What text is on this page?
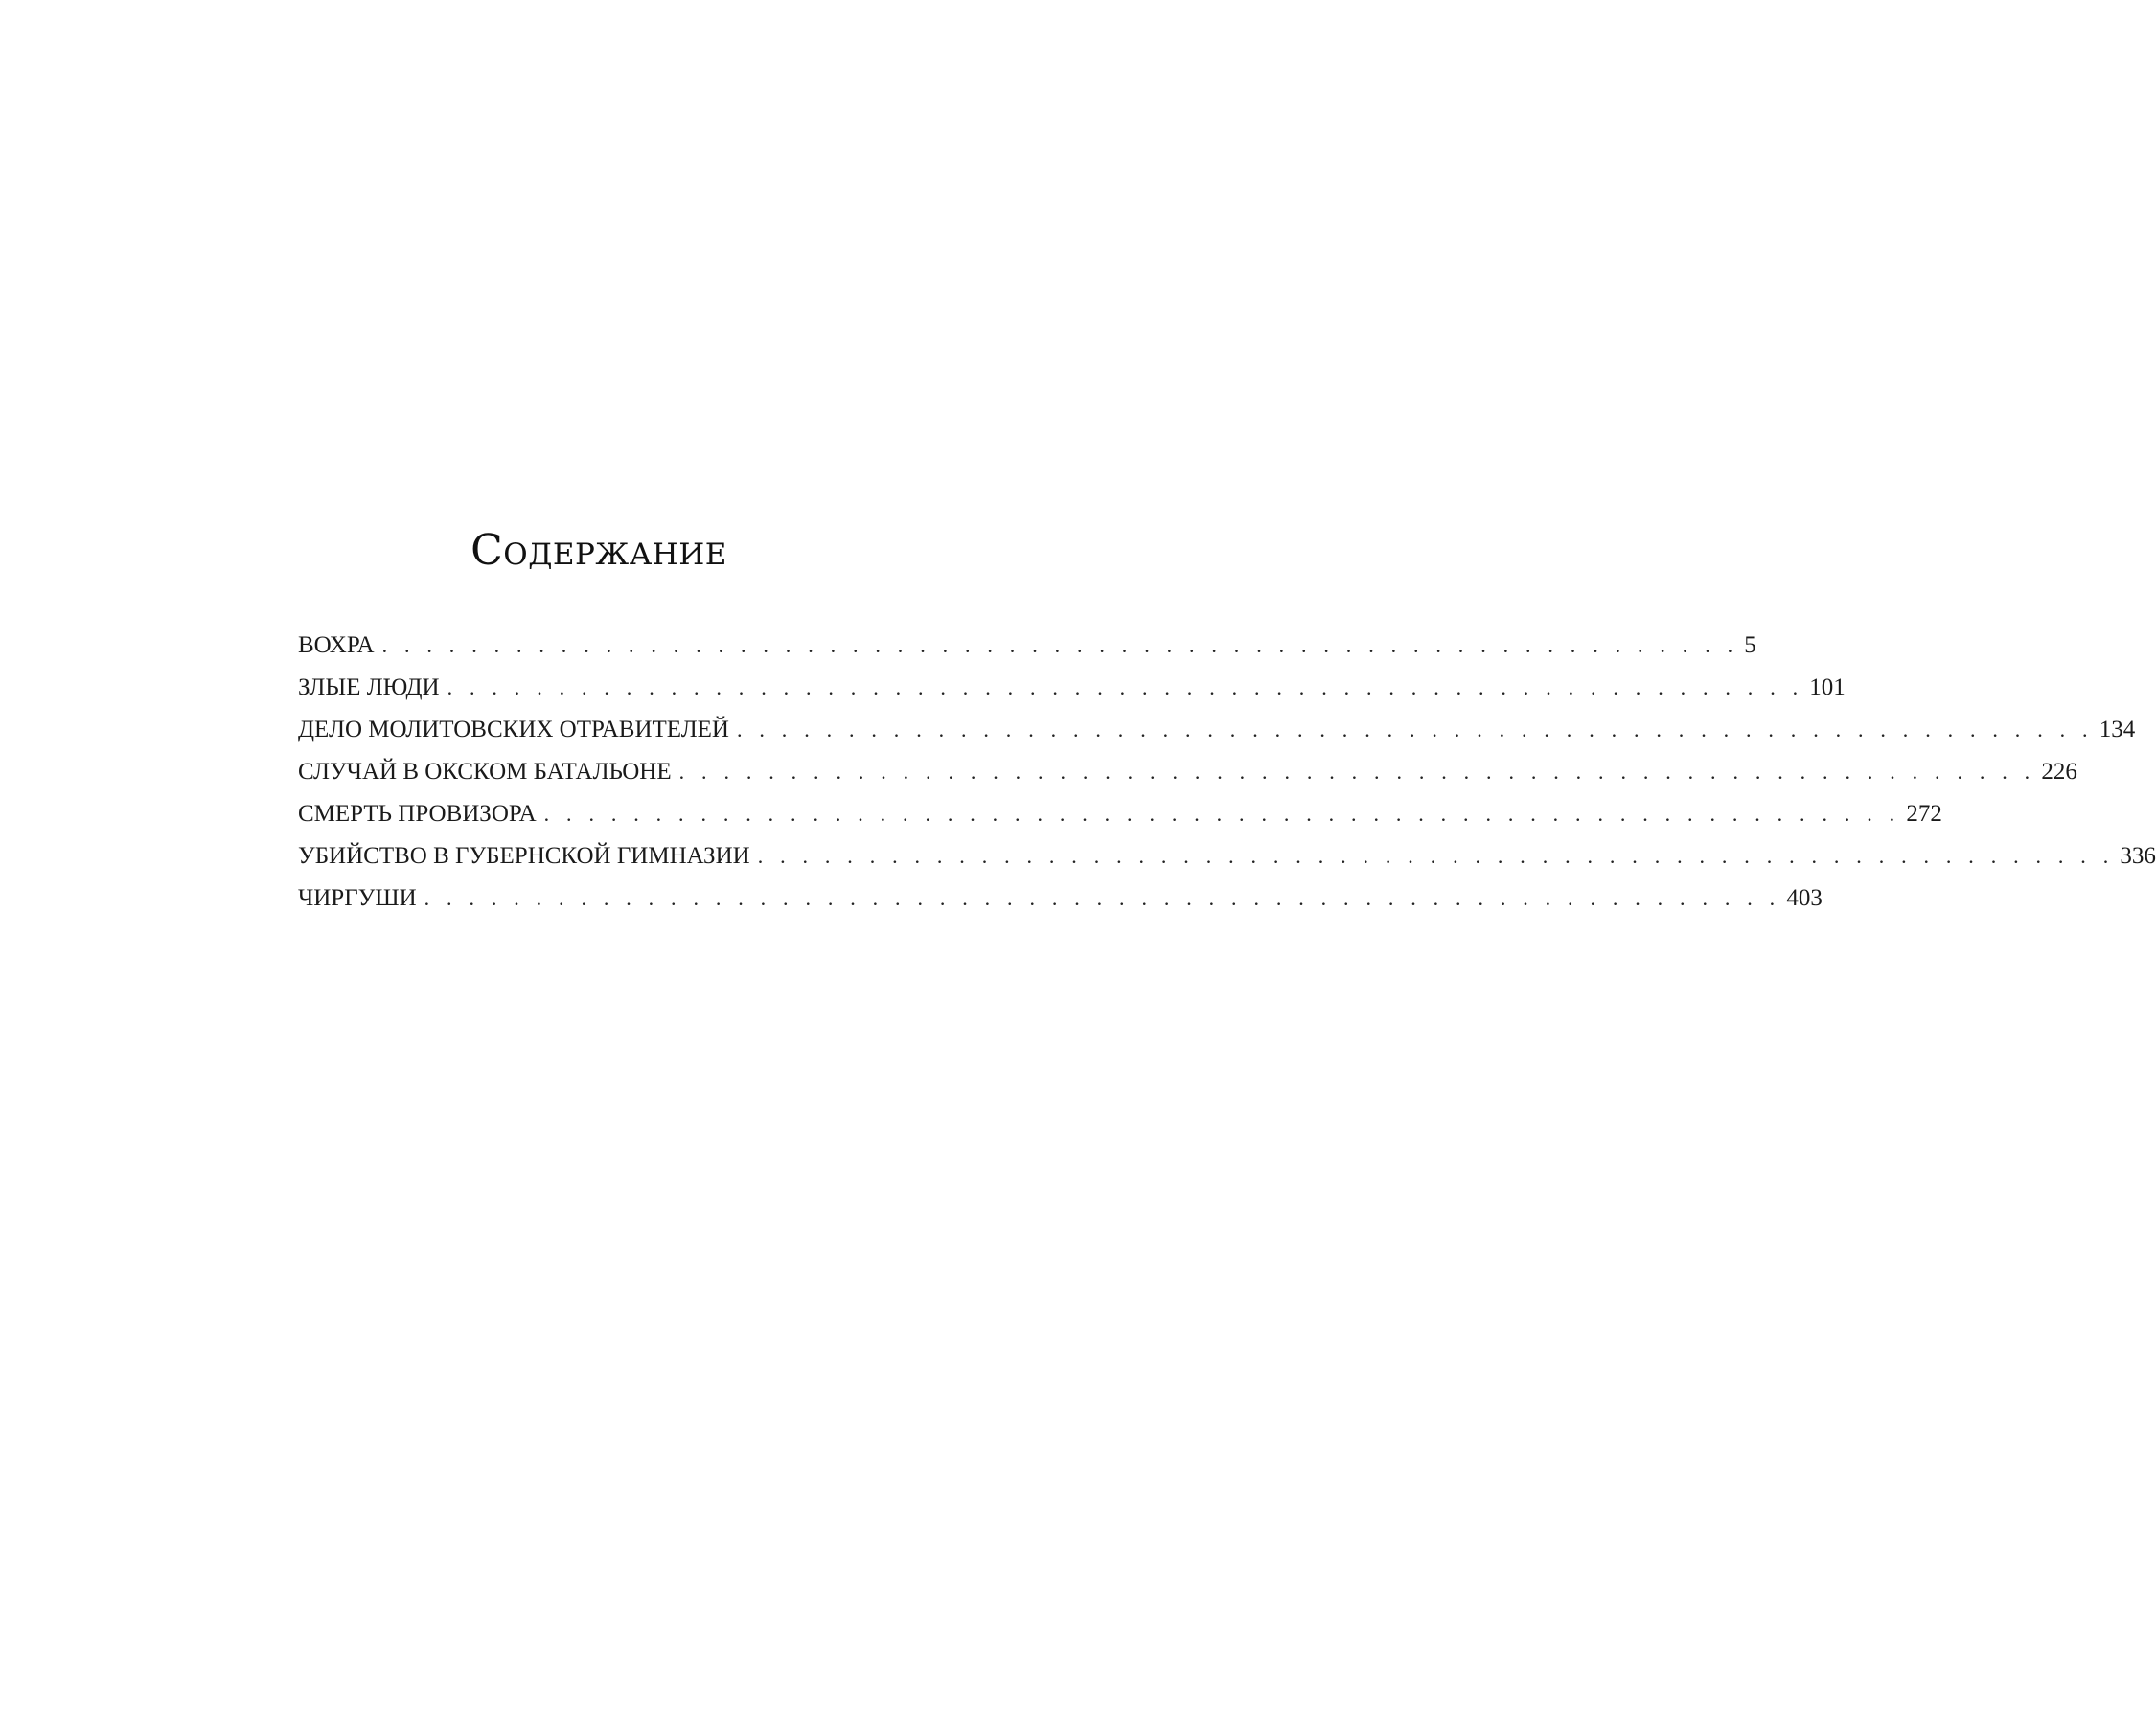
Содержание
ВОХРА . . . . . . . . . . . . . . . . . . . . . . . . . . . . . . . . . . . . . . . . . . . . . . . . . . . . . . . . . . . . . 5
ЗЛЫЕ ЛЮДИ . . . . . . . . . . . . . . . . . . . . . . . . . . . . . . . . . . . . . . . . . . . . . . . . . . . . . . . . . . . . . 101
ДЕЛО МОЛИТОВСКИХ ОТРАВИТЕЛЕЙ . . . . . . . . . . . . . . . . . . . . . . . . . . . . . . . . . . . . . . . . . . . . . . . . . . . . . . . . . . . . . 134
СЛУЧАЙ В ОКСКОМ БАТАЛЬОНЕ . . . . . . . . . . . . . . . . . . . . . . . . . . . . . . . . . . . . . . . . . . . . . . . . . . . . . . . . . . . . . 226
СМЕРТЬ ПРОВИЗОРА . . . . . . . . . . . . . . . . . . . . . . . . . . . . . . . . . . . . . . . . . . . . . . . . . . . . . . . . . . . . . 272
УБИЙСТВО В ГУБЕРНСКОЙ ГИМНАЗИИ . . . . . . . . . . . . . . . . . . . . . . . . . . . . . . . . . . . . . . . . . . . . . . . . . . . . . . . . . . . . . 336
ЧИРГУШИ . . . . . . . . . . . . . . . . . . . . . . . . . . . . . . . . . . . . . . . . . . . . . . . . . . . . . . . . . . . . . 403
